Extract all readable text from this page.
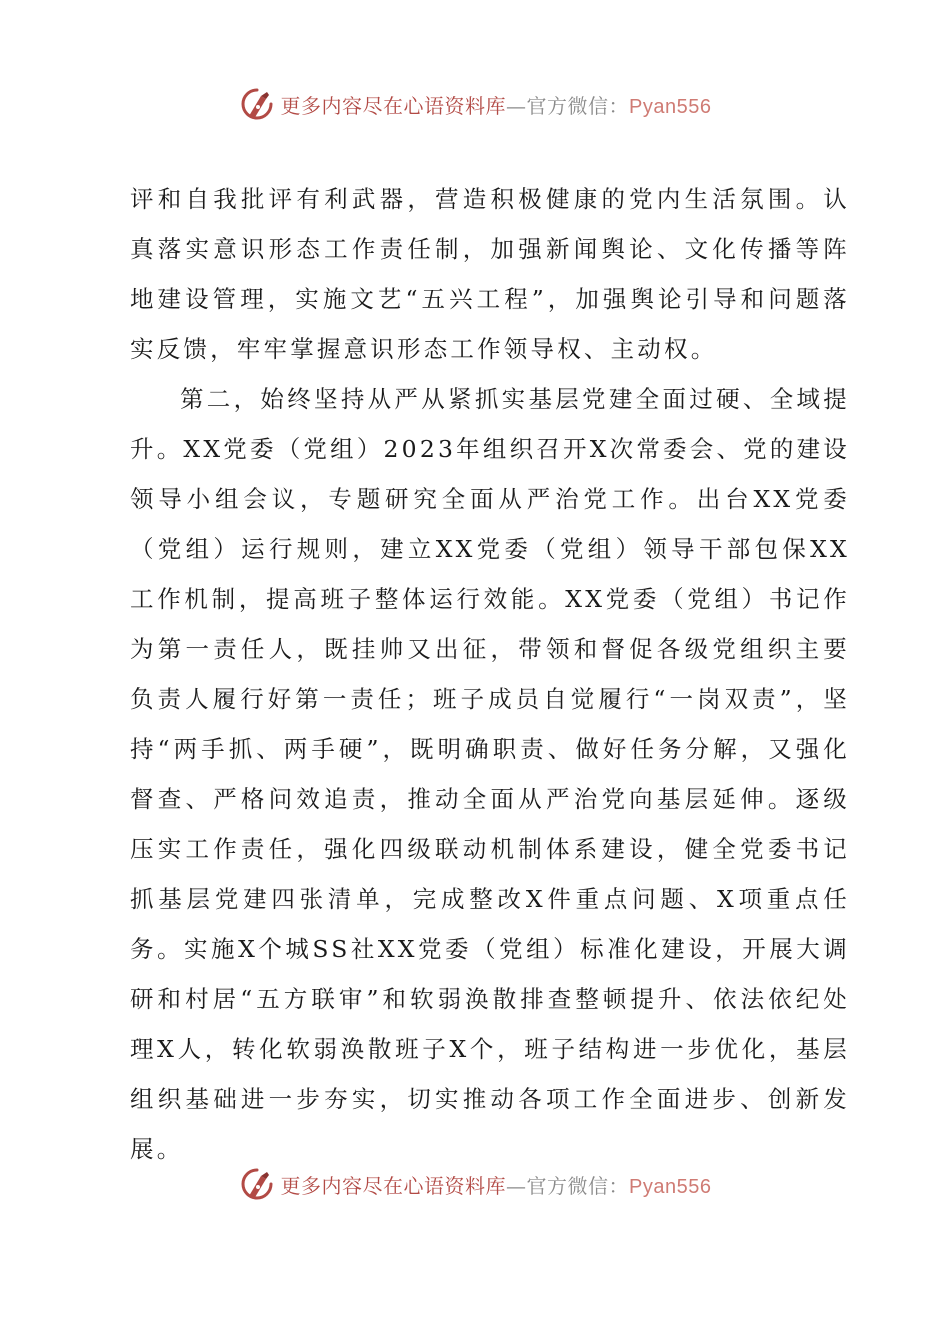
更多内容尽在心语资料库—官方微信：Pyan556

评和自我批评有利武器，营造积极健康的党内生活氛围。认真落实意识形态工作责任制，加强新闻舆论、文化传播等阵地建设管理，实施文艺“五兴工程”，加强舆论引导和问题落实反馈，牢牢掌握意识形态工作领导权、主动权。

第二，始终坚持从严从紧抓实基层党建全面过硬、全域提升。XX党委（党组）2023年组织召开X次常委会、党的建设领导小组会议，专题研究全面从严治党工作。出台XX党委（党组）运行规则，建立XX党委（党组）领导干部包保XX工作机制，提高班子整体运行效能。XX党委（党组）书记作为第一责任人，既挂帅又出征，带领和督促各级党组织主要负责人履行好第一责任；班子成员自觉履行“一岗双责”，坚持“两手抓、两手硬”，既明确职责、做好任务分解，又强化督查、严格问效追责，推动全面从严治党向基层延伸。逐级压实工作责任，强化四级联动机制体系建设，健全党委书记抓基层党建四张清单，完成整改X件重点问题、X项重点任务。实施X个城SS社XX党委（党组）标准化建设，开展大调研和村居“五方联审”和软弱涣散排查整顿提升、依法依纪处理X人，转化软弱涣散班子X个，班子结构进一步优化，基层组织基础进一步夯实，切实推动各项工作全面进步、创新发展。

更多内容尽在心语资料库—官方微信：Pyan556
